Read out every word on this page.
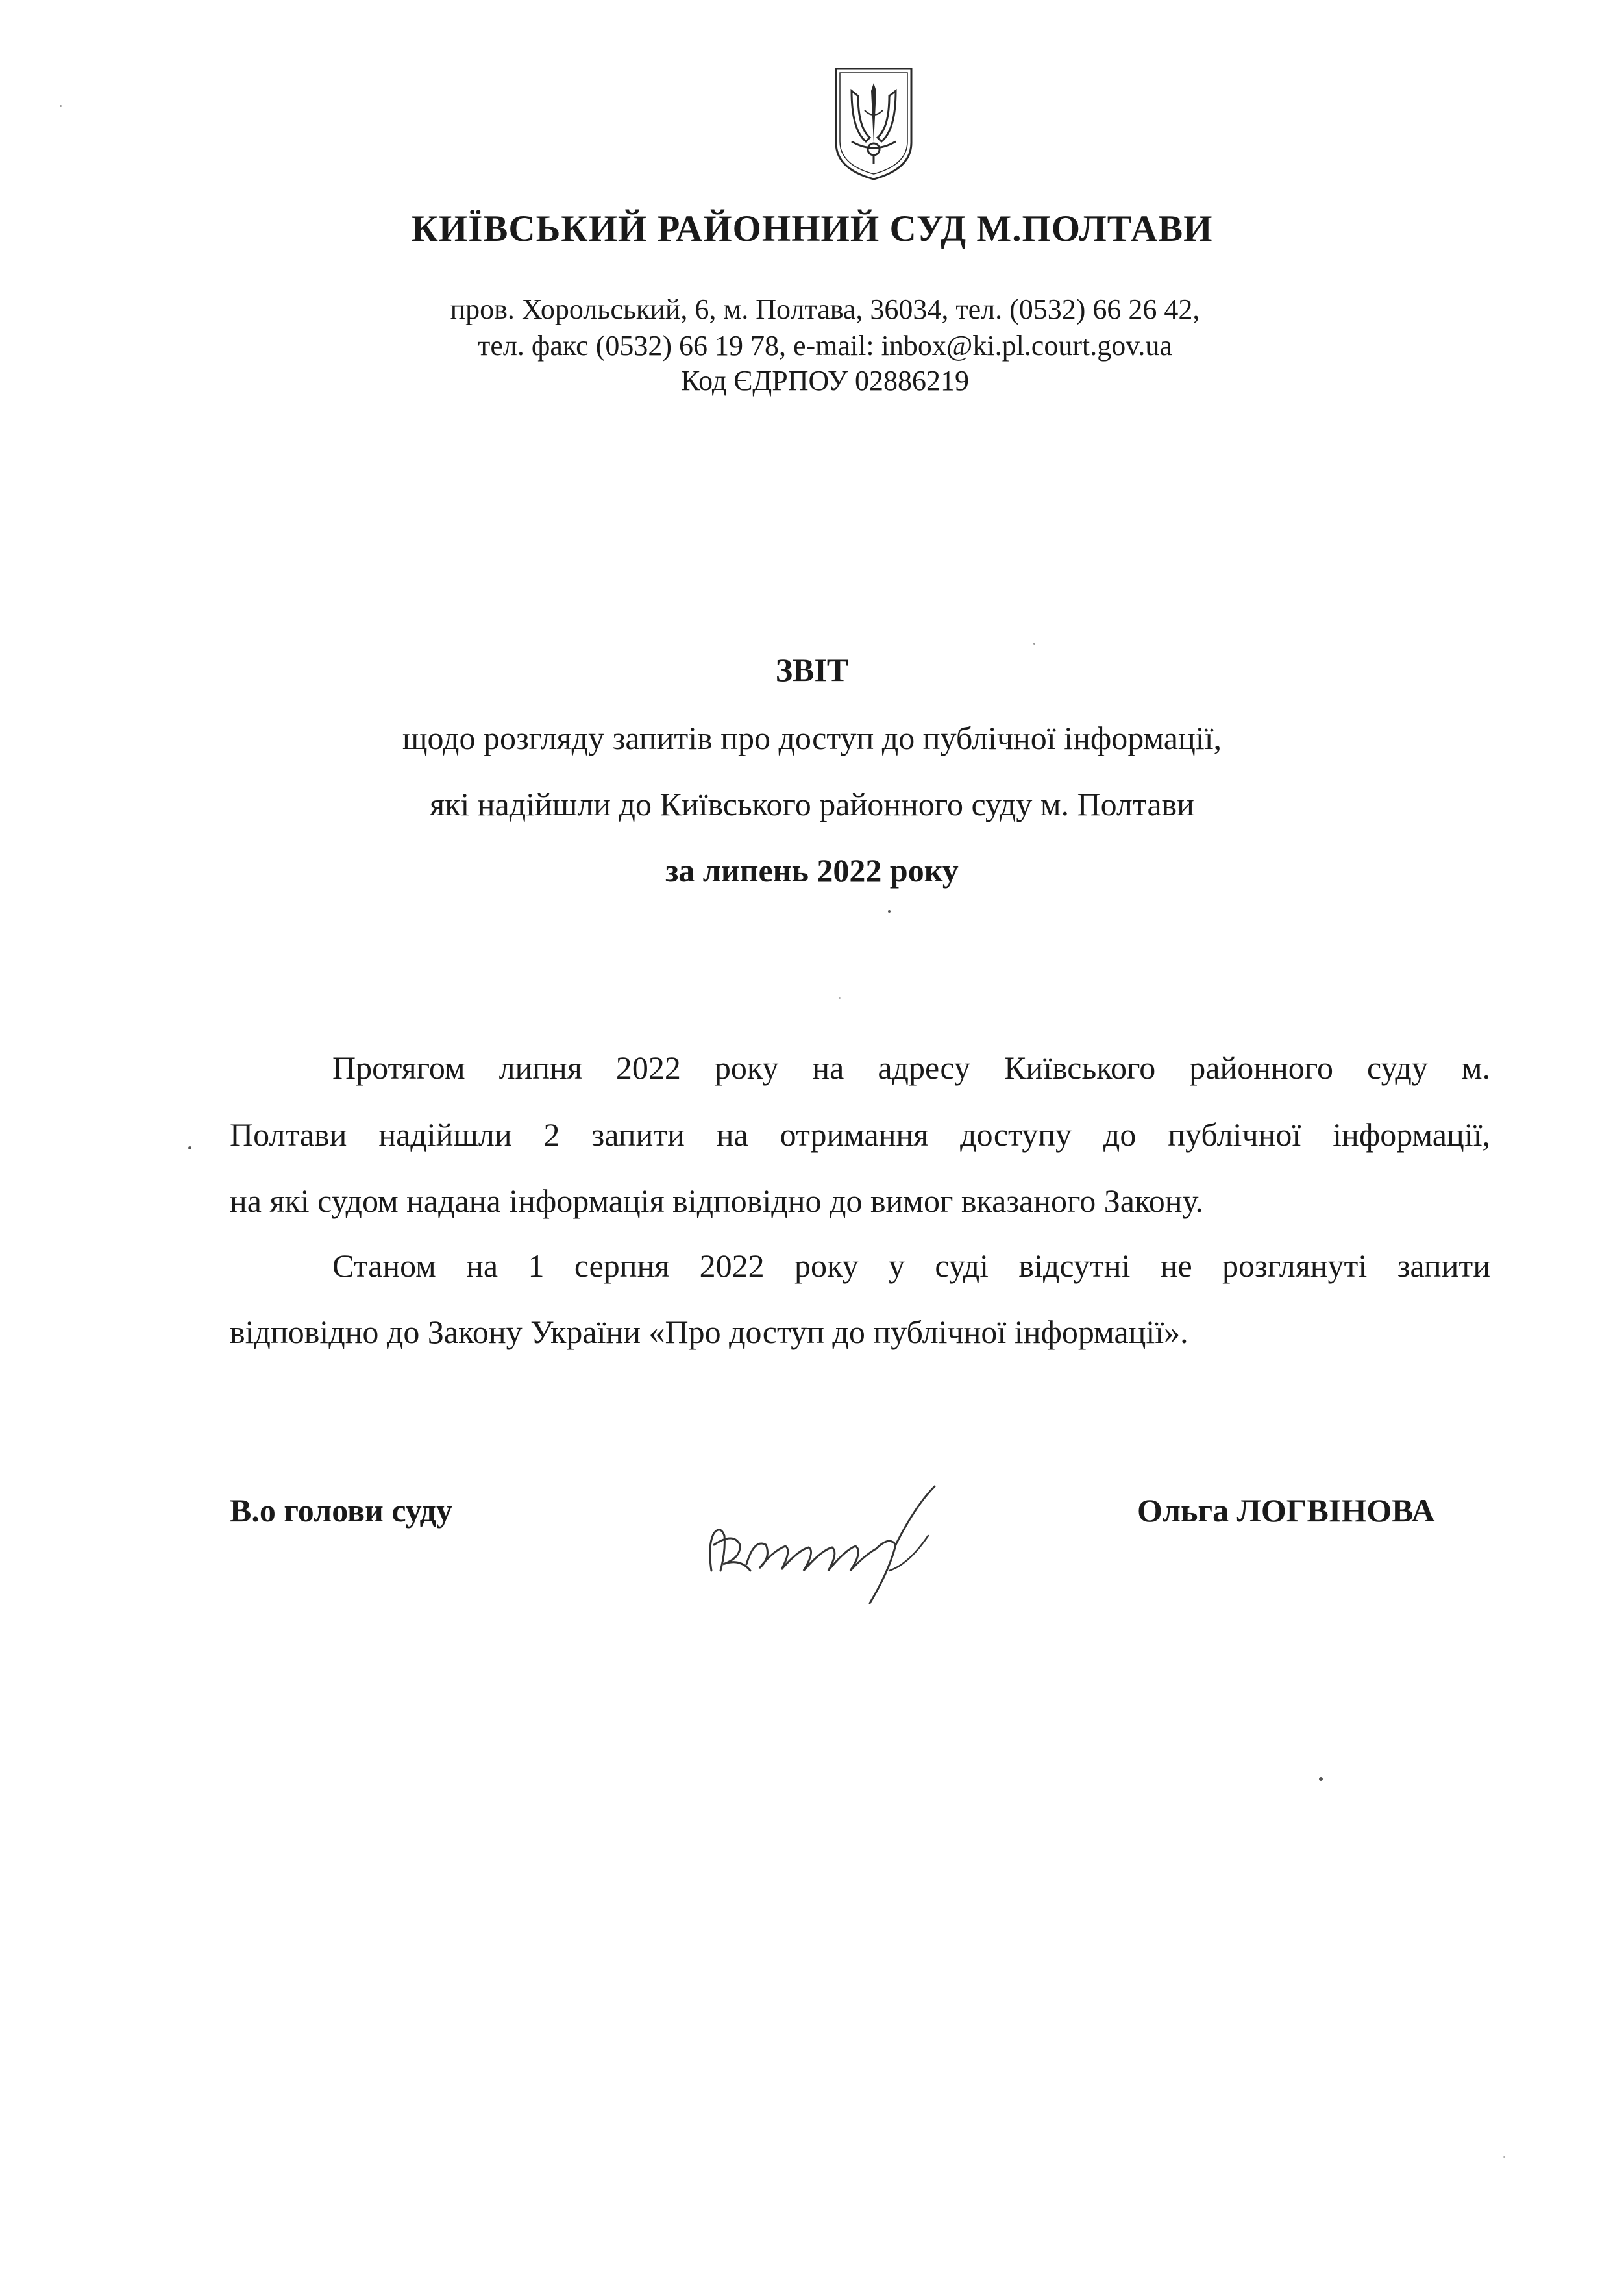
КИЇВСЬКИЙ РАЙОННИЙ СУД М.ПОЛТАВИ
пров. Хорольський, 6, м. Полтава, 36034, тел. (0532) 66 26 42,
тел. факс (0532) 66 19 78, e-mail: inbox@ki.pl.court.gov.ua
Код ЄДРПОУ 02886219
ЗВІТ
щодо розгляду запитів про доступ до публічної інформації,
які надійшли до Київського районного суду м. Полтави
за липень 2022 року
Протягом липня 2022 року на адресу Київського районного суду м.
Полтави надійшли 2 запити на отримання доступу до публічної інформації,
на які судом надана інформація відповідно до вимог вказаного Закону.
Станом на 1 серпня 2022 року у суді відсутні не розглянуті запити
відповідно до Закону України «Про доступ до публічної інформації».
В.о голови суду	Ольга ЛОГВІНОВА
